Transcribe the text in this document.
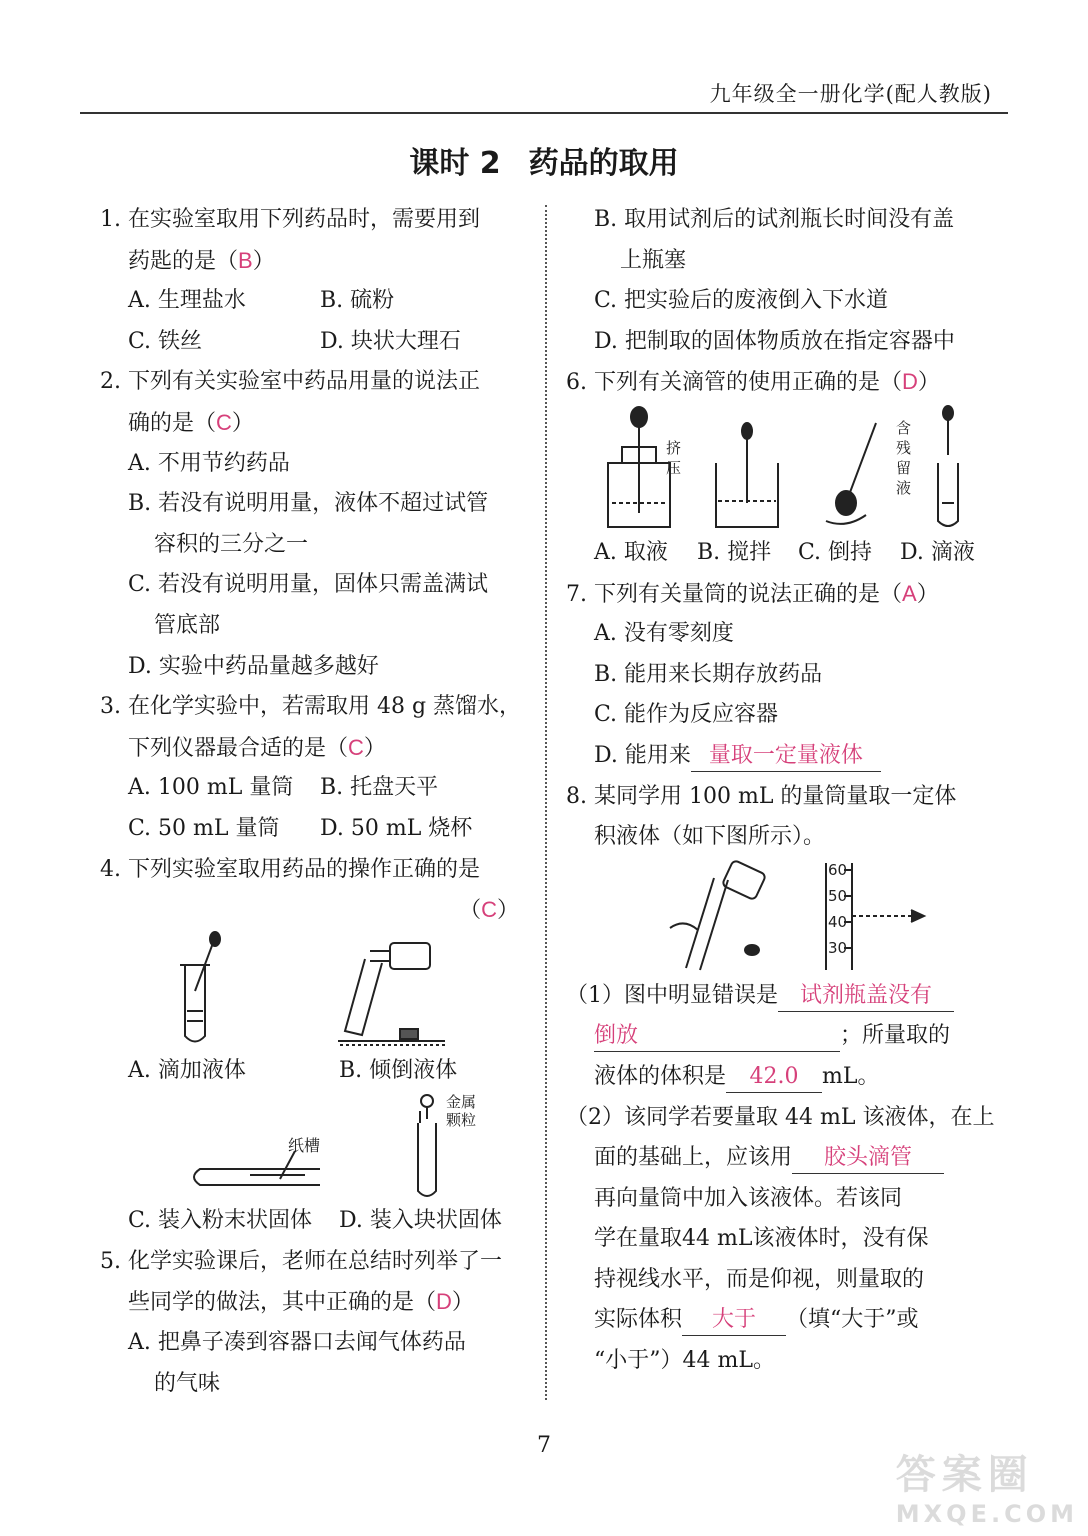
九年级全一册化学(配人教版)
课时 2 药品的取用
1. 在实验室取用下列药品时，需要用到
药匙的是（B）
A. 生理盐水	B. 硫粉
C. 铁丝	D. 块状大理石
2. 下列有关实验室中药品用量的说法正
确的是（C）
A. 不用节约药品
B. 若没有说明用量，液体不超过试管
容积的三分之一
C. 若没有说明用量，固体只需盖满试
管底部
D. 实验中药品量越多越好
3. 在化学实验中，若需取用 48 g 蒸馏水，
下列仪器最合适的是（C）
A. 100 mL 量筒 B. 托盘天平
C. 50 mL 量筒 D. 50 mL 烧杯
4. 下列实验室取用药品的操作正确的是
（C）
A. 滴加液体	B. 倾倒液体
纸槽
金属
颗粒
C. 装入粉末状固体 D. 装入块状固体
5. 化学实验课后，老师在总结时列举了一
些同学的做法，其中正确的是（D）
A. 把鼻子凑到容器口去闻气体药品
的气味
B. 取用试剂后的试剂瓶长时间没有盖
上瓶塞
C. 把实验后的废液倒入下水道
D. 把制取的固体物质放在指定容器中
6. 下列有关滴管的使用正确的是（D）
挤
压
含
残
留
液
A. 取液 B. 搅拌 C. 倒持 D. 滴液
7. 下列有关量筒的说法正确的是（A）
A. 没有零刻度
B. 能用来长期存放药品
C. 能作为反应容器
D. 能用来 量取一定量液体
8. 某同学用 100 mL 的量筒量取一定体
积液体（如下图所示）。
60
50
40
30
（1）图中明显错误是 试剂瓶盖没有
倒放	；所量取的
液体的体积是 42.0 mL。
（2）该同学若要量取 44 mL 该液体，在上
面的基础上，应该用 胶头滴管
再向量筒中加入该液体。若该同
学在量取44 mL该液体时，没有保
持视线水平，而是仰视，则量取的
实际体积 大于 （填“大于”或
“小于”）44 mL。
7
答案圈
MXQE.COM
